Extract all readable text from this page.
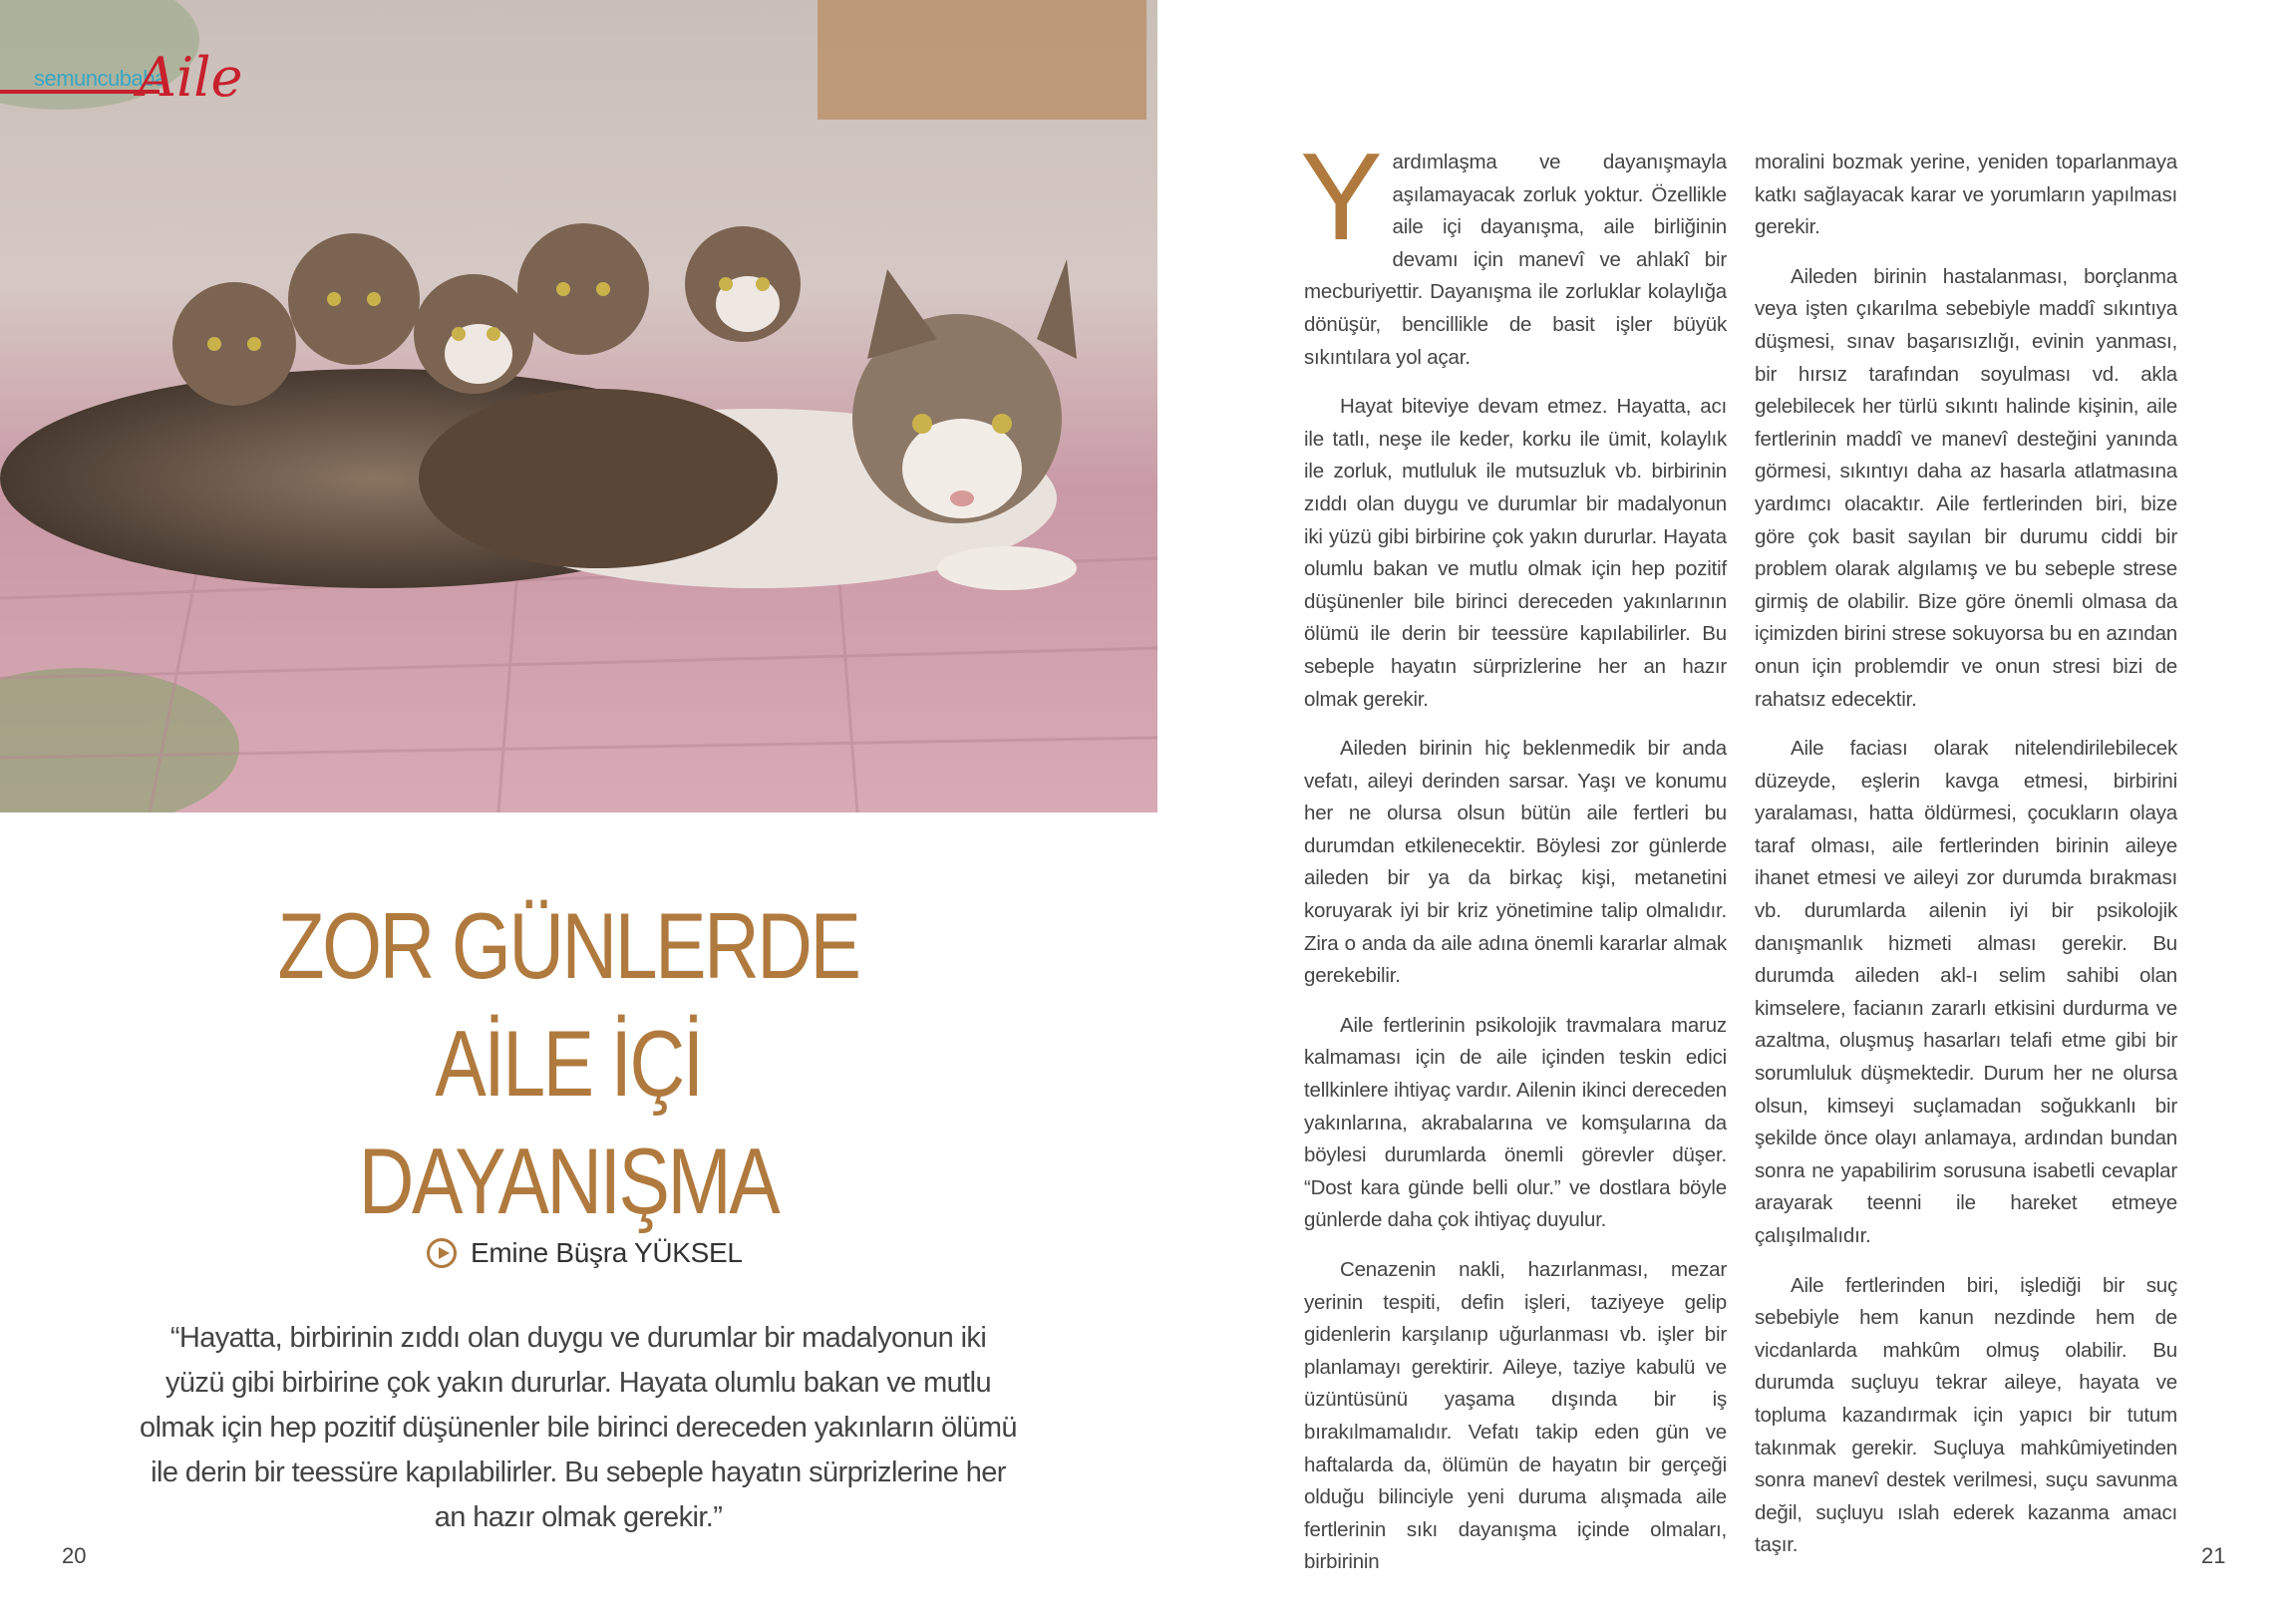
semuncubaba
Aile
ZOR GÜNLERDE
AİLE İÇİ DAYANIŞMA
Emine Büşra YÜKSEL
“Hayatta, birbirinin zıddı olan duygu ve durumlar bir madalyonun iki yüzü gibi birbirine çok yakın dururlar. Hayata olumlu bakan ve mutlu olmak için hep pozitif düşünenler bile birinci dereceden yakınların ölümü ile derin bir teessüre kapılabilirler. Bu sebeple hayatın sürprizlerine her an hazır olmak gerekir.”
20	21

Yardımlaşma ve dayanışmayla aşılamayacak zorluk yoktur. Özellikle aile içi dayanışma, aile birliğinin devamı için manevî ve ahlakî bir mecburiyettir. Dayanışma ile zorluklar kolaylığa dönüşür, bencillikle de basit işler büyük sıkıntılara yol açar.

Hayat biteviye devam etmez. Hayatta, acı ile tatlı, neşe ile keder, korku ile ümit, kolaylık ile zorluk, mutluluk ile mutsuzluk vb. birbirinin zıddı olan duygu ve durumlar bir madalyonun iki yüzü gibi birbirine çok yakın dururlar. Hayata olumlu bakan ve mutlu olmak için hep pozitif düşünenler bile birinci dereceden yakınlarının ölümü ile derin bir teessüre kapılabilirler. Bu sebeple hayatın sürprizlerine her an hazır olmak gerekir.

Aileden birinin hiç beklenmedik bir anda vefatı, aileyi derinden sarsar. Yaşı ve konumu her ne olursa olsun bütün aile fertleri bu durumdan etkilenecektir. Böylesi zor günlerde aileden bir ya da birkaç kişi, metanetini koruyarak iyi bir kriz yönetimine talip olmalıdır. Zira o anda da aile adına önemli kararlar almak gerekebilir.

Aile fertlerinin psikolojik travmalara maruz kalmaması için de aile içinden teskin edici tellkinlere ihtiyaç vardır. Ailenin ikinci dereceden yakınlarına, akrabalarına ve komşularına da böylesi durumlarda önemli görevler düşer. “Dost kara günde belli olur.” ve dostlara böyle günlerde daha çok ihtiyaç duyulur.

Cenazenin nakli, hazırlanması, mezar yerinin tespiti, defin işleri, taziyeye gelip gidenlerin karşılanıp uğurlanması vb. işler bir planlamayı gerektirir. Aileye, taziye kabulü ve üzüntüsünü yaşama dışında bir iş bırakılmamalıdır. Vefatı takip eden gün ve haftalarda da, ölümün de hayatın bir gerçeği olduğu bilinciyle yeni duruma alışmada aile fertlerinin sıkı dayanışma içinde olmaları, birbirinin

moralini bozmak yerine, yeniden toparlanmaya katkı sağlayacak karar ve yorumların yapılması gerekir.

Aileden birinin hastalanması, borçlanma veya işten çıkarılma sebebiyle maddî sıkıntıya düşmesi, sınav başarısızlığı, evinin yanması, bir hırsız tarafından soyulması vd. akla gelebilecek her türlü sıkıntı halinde kişinin, aile fertlerinin maddî ve manevî desteğini yanında görmesi, sıkıntıyı daha az hasarla atlatmasına yardımcı olacaktır. Aile fertlerinden biri, bize göre çok basit sayılan bir durumu ciddi bir problem olarak algılamış ve bu sebeple strese girmiş de olabilir. Bize göre önemli olmasa da içimizden birini strese sokuyorsa bu en azından onun için problemdir ve onun stresi bizi de rahatsız edecektir.

Aile faciası olarak nitelendirilebilecek düzeyde, eşlerin kavga etmesi, birbirini yaralaması, hatta öldürmesi, çocukların olaya taraf olması, aile fertlerinden birinin aileye ihanet etmesi ve aileyi zor durumda bırakması vb. durumlarda ailenin iyi bir psikolojik danışmanlık hizmeti alması gerekir. Bu durumda aileden akl-ı selim sahibi olan kimselere, facianın zararlı etkisini durdurma ve azaltma, oluşmuş hasarları telafi etme gibi bir sorumluluk düşmektedir. Durum her ne olursa olsun, kimseyi suçlamadan soğukkanlı bir şekilde önce olayı anlamaya, ardından bundan sonra ne yapabilirim sorusuna isabetli cevaplar arayarak teenni ile hareket etmeye çalışılmalıdır.

Aile fertlerinden biri, işlediği bir suç sebebiyle hem kanun nezdinde hem de vicdanlarda mahkûm olmuş olabilir. Bu durumda suçluyu tekrar aileye, hayata ve topluma kazandırmak için yapıcı bir tutum takınmak gerekir. Suçluya mahkûmiyetinden sonra manevî destek verilmesi, suçu savunma değil, suçluyu ıslah ederek kazanma amacı taşır.
